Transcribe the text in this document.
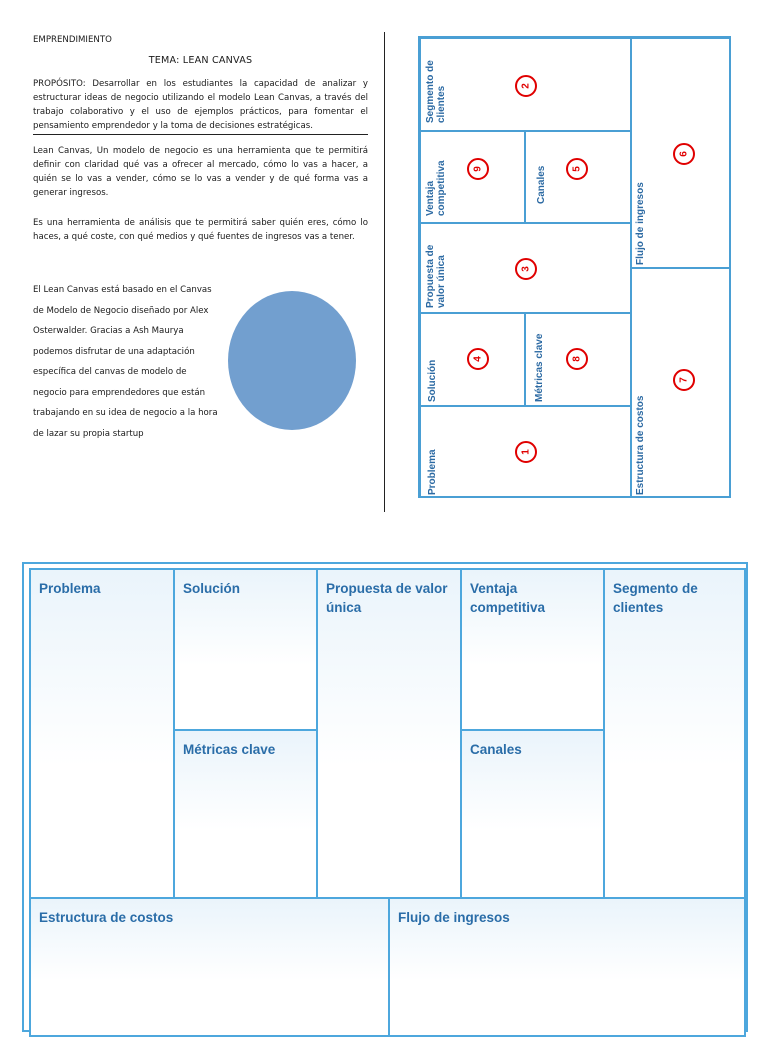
EMPRENDIMIENTO
TEMA: LEAN CANVAS
PROPÓSITO: Desarrollar en los estudiantes la capacidad de analizar y estructurar ideas de negocio utilizando el modelo Lean Canvas, a través del trabajo colaborativo y el uso de ejemplos prácticos, para fomentar el pensamiento emprendedor y la toma de decisiones estratégicas.
Lean Canvas, Un modelo de negocio es una herramienta que te permitirá definir con claridad qué vas a ofrecer al mercado, cómo lo vas a hacer, a quién se lo vas a vender, cómo se lo vas a vender y de qué forma vas a generar ingresos.
Es una herramienta de análisis que te permitirá saber quién eres, cómo lo haces, a qué coste, con qué medios y qué fuentes de ingresos vas a tener.
El Lean Canvas está basado en el Canvas de Modelo de Negocio diseñado por Alex Osterwalder. Gracias a Ash Maurya podemos disfrutar de una adaptación específica del canvas de modelo de negocio para emprendedores que están trabajando en su idea de negocio a la hora de lazar su propia startup
Segmento de
clientes	2
Ventaja
competitiva	9	Canales 5
Flujo de ingresos
6
Propuesta de
valor única	3
Solución
4	Métricas clave	8
Estructura de costos
7
Problema	1
Problema	Solución
Métricas clave
Propuesta de valor única
Ventaja competitiva
Canales
Segmento de clientes
Estructura de costos	Flujo de ingresos
